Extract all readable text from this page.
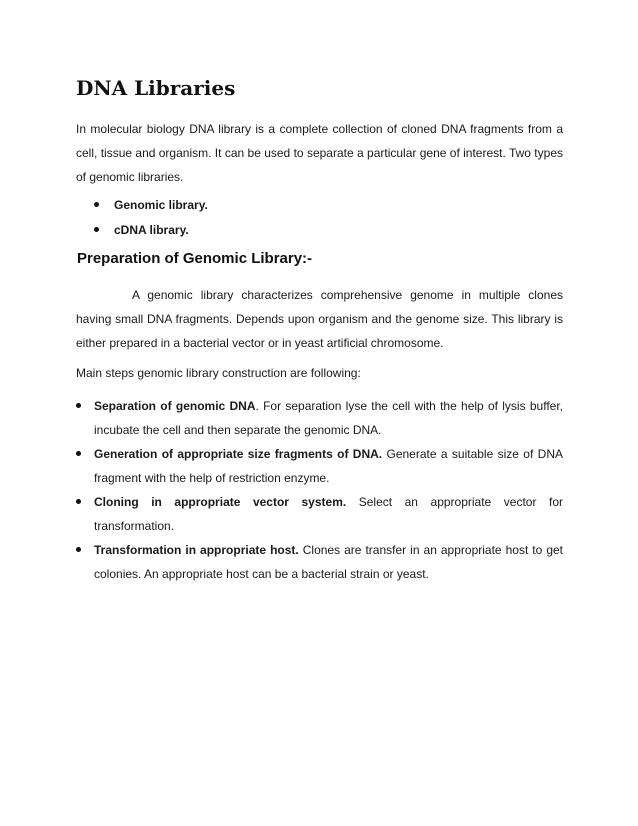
DNA Libraries

In molecular biology DNA library is a complete collection of cloned DNA fragments from a cell, tissue and organism. It can be used to separate a particular gene of interest. Two types of genomic libraries.

Genomic library.
cDNA library.
Preparation of Genomic Library:-

A genomic library characterizes comprehensive genome in multiple clones having small DNA fragments. Depends upon organism and the genome size. This library is either prepared in a bacterial vector or in yeast artificial chromosome.

Main steps genomic library construction are following:

Separation of genomic DNA. For separation lyse the cell with the help of lysis buffer, incubate the cell and then separate the genomic DNA.
Generation of appropriate size fragments of DNA. Generate a suitable size of DNA fragment with the help of restriction enzyme.
Cloning in appropriate vector system. Select an appropriate vector for transformation.
Transformation in appropriate host. Clones are transfer in an appropriate host to get colonies. An appropriate host can be a bacterial strain or yeast.
